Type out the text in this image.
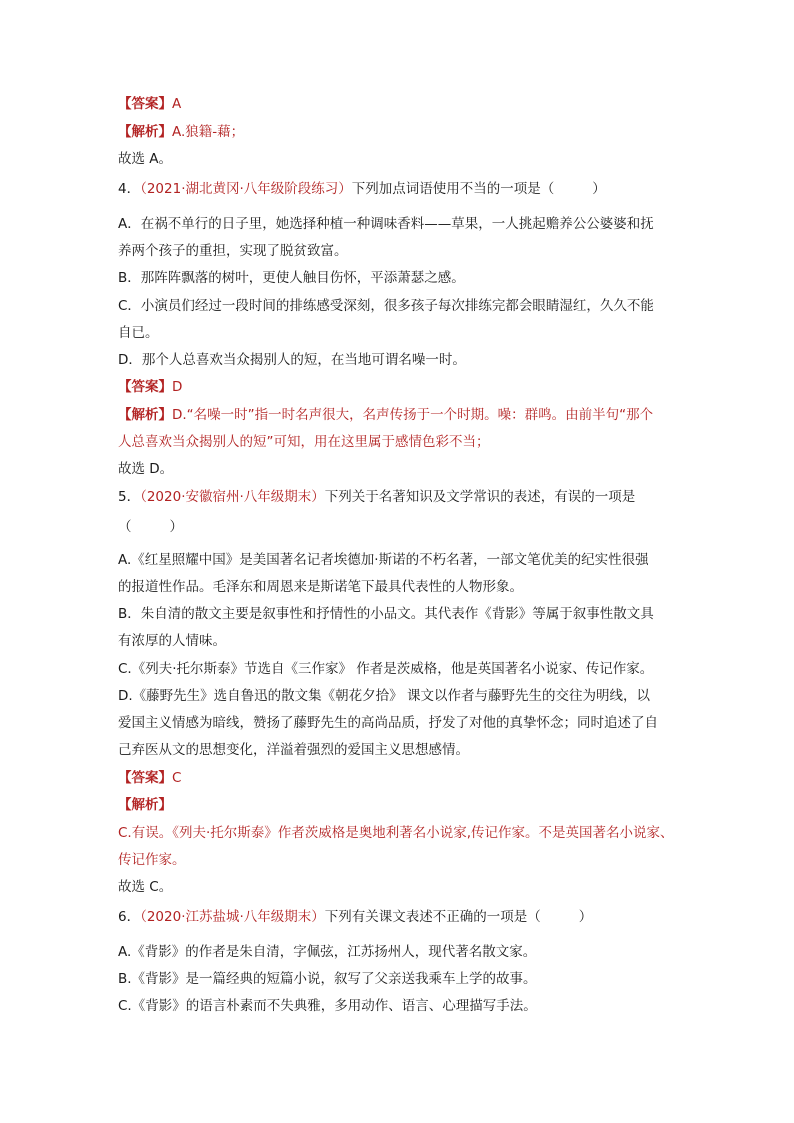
【答案】A
【解析】A.狼籍-藉；
故选 A。
4．（2021·湖北黄冈·八年级阶段练习）下列加点词语使用不当的一项是（	）
A．在祸不单行的日子里，她选择种植一种调味香料——草果，一人挑起赡养公公婆婆和抚
养两个孩子的重担，实现了脱贫致富。
B．那阵阵飘落的树叶，更使人触目伤怀，平添萧瑟之感。
C．小演员们经过一段时间的排练感受深刻，很多孩子每次排练完都会眼睛湿红，久久不能
自已。
D．那个人总喜欢当众揭别人的短，在当地可谓名噪一时。
【答案】D
【解析】D.“名噪一时”指一时名声很大，名声传扬于一个时期。噪：群鸣。由前半句“那个
人总喜欢当众揭别人的短”可知，用在这里属于感情色彩不当；
故选 D。
5．（2020·安徽宿州·八年级期末）下列关于名著知识及文学常识的表述，有误的一项是
（	）
A.《红星照耀中国》是美国著名记者埃德加·斯诺的不朽名著，一部文笔优美的纪实性很强
的报道性作品。毛泽东和周恩来是斯诺笔下最具代表性的人物形象。
B．朱自清的散文主要是叙事性和抒情性的小品文。其代表作《背影》等属于叙事性散文具
有浓厚的人情味。
C.《列夫·托尔斯泰》节选自《三作家》 作者是茨威格，他是英国著名小说家、传记作家。
D.《藤野先生》选自鲁迅的散文集《朝花夕拾》 课文以作者与藤野先生的交往为明线，以
爱国主义情感为暗线，赞扬了藤野先生的高尚品质，抒发了对他的真挚怀念；同时追述了自
己弃医从文的思想变化，洋溢着强烈的爱国主义思想感情。
【答案】C
【解析】
C.有误。《列夫·托尔斯泰》作者茨威格是奥地利著名小说家,传记作家。不是英国著名小说家、
传记作家。
故选 C。
6．（2020·江苏盐城·八年级期末）下列有关课文表述不正确的一项是（	）
A.《背影》的作者是朱自清，字佩弦，江苏扬州人，现代著名散文家。
B.《背影》是一篇经典的短篇小说，叙写了父亲送我乘车上学的故事。
C.《背影》的语言朴素而不失典雅，多用动作、语言、心理描写手法。
